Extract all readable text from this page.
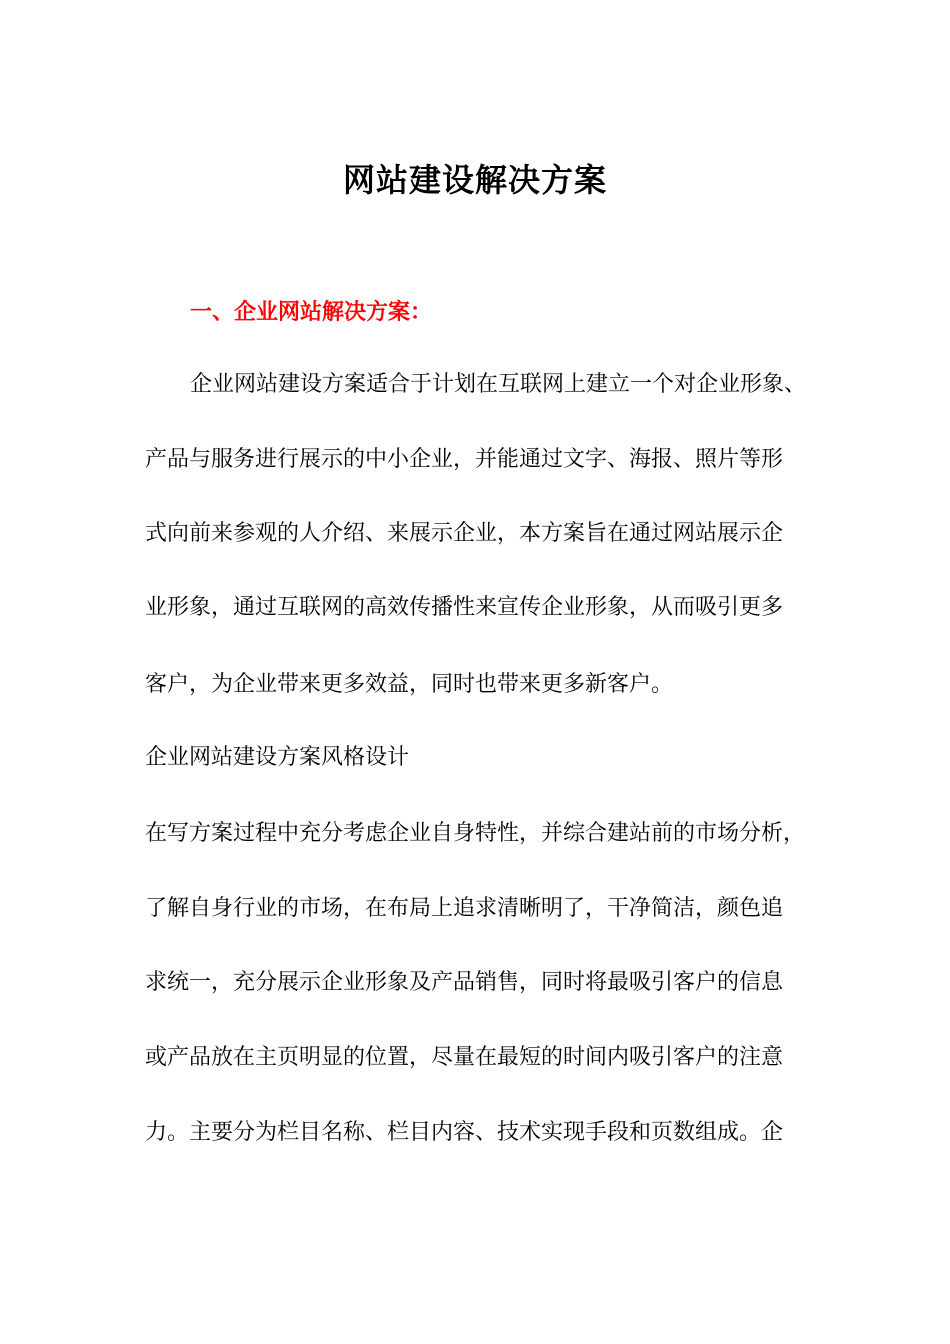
网站建设解决方案
一、企业网站解决方案：
企业网站建设方案适合于计划在互联网上建立一个对企业形象、
产品与服务进行展示的中小企业，并能通过文字、海报、照片等形
式向前来参观的人介绍、来展示企业，本方案旨在通过网站展示企
业形象，通过互联网的高效传播性来宣传企业形象，从而吸引更多
客户，为企业带来更多效益，同时也带来更多新客户。
企业网站建设方案风格设计
在写方案过程中充分考虑企业自身特性，并综合建站前的市场分析，
了解自身行业的市场，在布局上追求清晰明了，干净简洁，颜色追
求统一，充分展示企业形象及产品销售，同时将最吸引客户的信息
或产品放在主页明显的位置，尽量在最短的时间内吸引客户的注意
力。主要分为栏目名称、栏目内容、技术实现手段和页数组成。企
